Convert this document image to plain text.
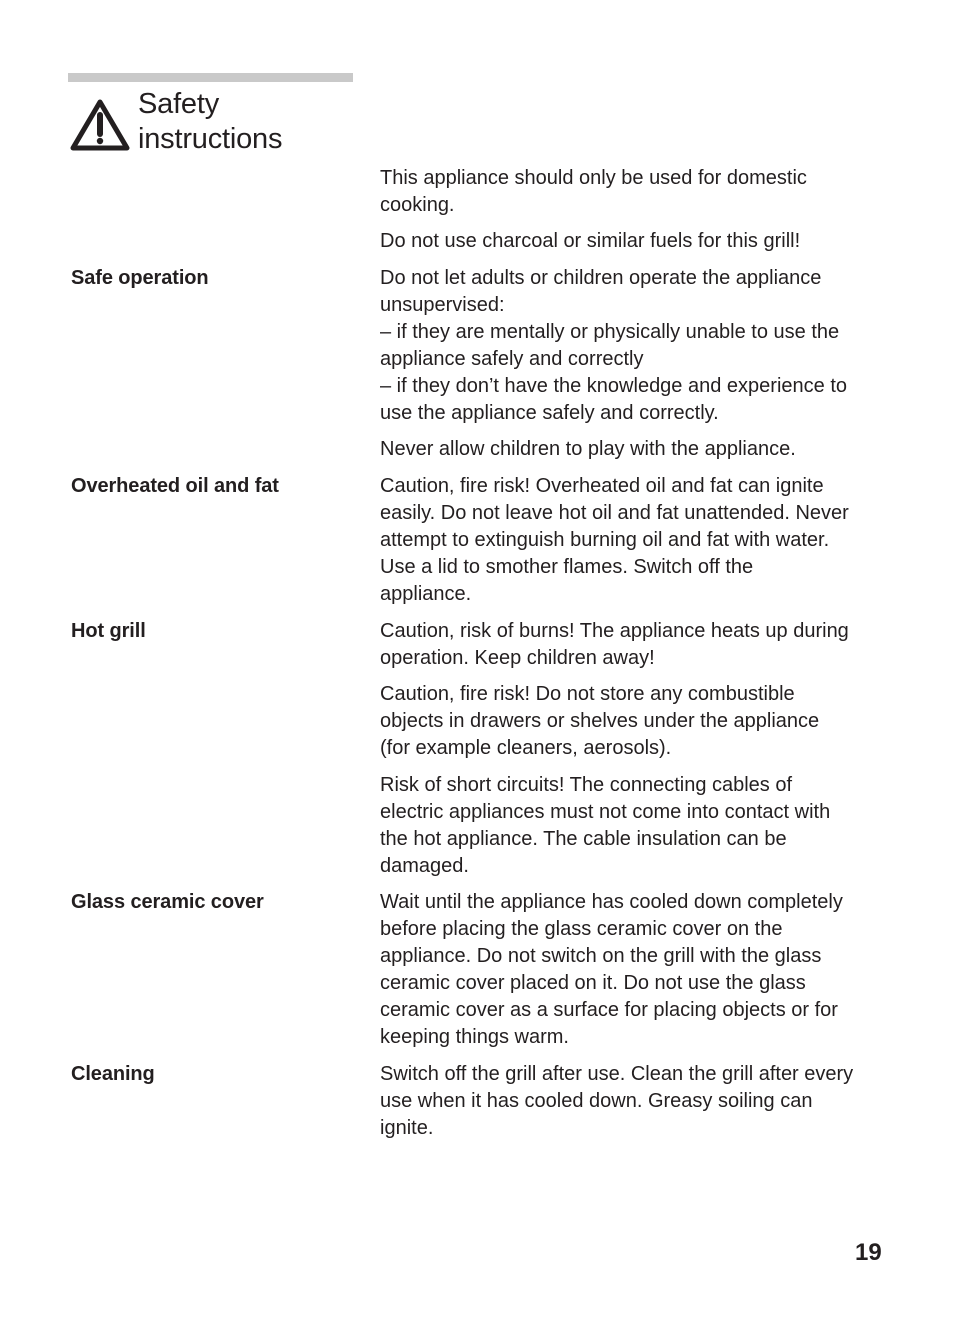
Safety
instructions
This appliance should only be used for domestic
cooking.
Do not use charcoal or similar fuels for this grill!
Safe operation	Do not let adults or children operate the appliance
unsupervised:
– if they are mentally or physically unable to use the
appliance safely and correctly
– if they don’t have the knowledge and experience to
use the appliance safely and correctly.
Never allow children to play with the appliance.
Overheated oil and fat	Caution, fire risk! Overheated oil and fat can ignite
easily. Do not leave hot oil and fat unattended. Never
attempt to extinguish burning oil and fat with water.
Use a lid to smother flames. Switch off the
appliance.
Hot grill	Caution, risk of burns! The appliance heats up during
operation. Keep children away!
Caution, fire risk! Do not store any combustible
objects in drawers or shelves under the appliance
(for example cleaners, aerosols).
Risk of short circuits! The connecting cables of
electric appliances must not come into contact with
the hot appliance. The cable insulation can be
damaged.
Glass ceramic cover	Wait until the appliance has cooled down completely
before placing the glass ceramic cover on the
appliance. Do not switch on the grill with the glass
ceramic cover placed on it. Do not use the glass
ceramic cover as a surface for placing objects or for
keeping things warm.
Cleaning	Switch off the grill after use. Clean the grill after every
use when it has cooled down. Greasy soiling can
ignite.
19
